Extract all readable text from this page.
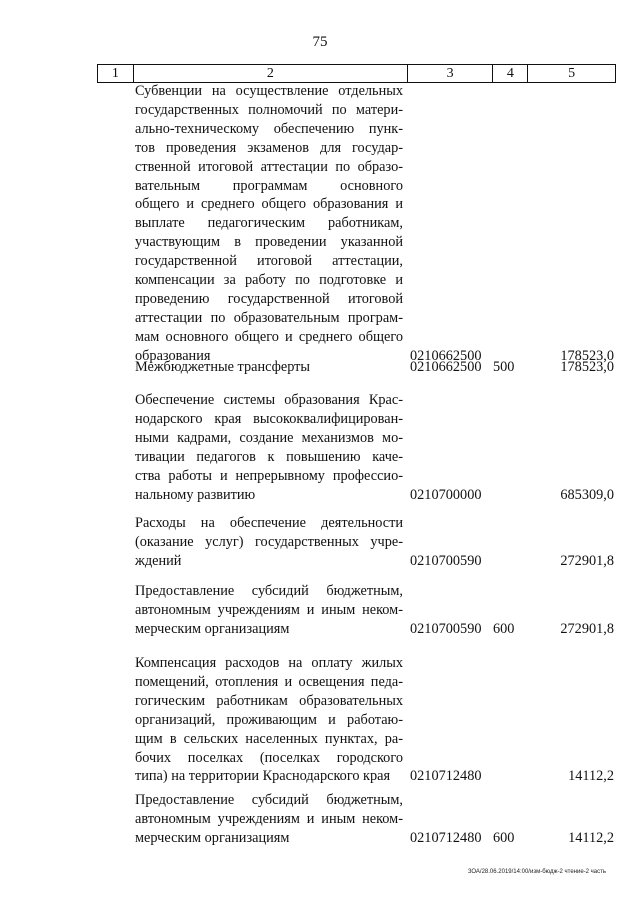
75
1	2	3	4	5
Субвенции на осуществление отдельных
государственных полномочий по матери-
ально-техническому обеспечению пунк-
тов проведения экзаменов для государ-
ственной итоговой аттестации по образо-
вательным программам основного
общего и среднего общего образования и
выплате педагогическим работникам,
участвующим в проведении указанной
государственной итоговой аттестации,
компенсации за работу по подготовке и
проведению государственной итоговой
аттестации по образовательным програм-
мам основного общего и среднего общего
образования	0210662500	178523,0
Межбюджетные трансферты	0210662500 500	178523,0
Обеспечение системы образования Крас-
нодарского края высококвалифицирован-
ными кадрами, создание механизмов мо-
тивации педагогов к повышению каче-
ства работы и непрерывному профессио-
нальному развитию	0210700000	685309,0
Расходы на обеспечение деятельности
(оказание услуг) государственных учре-
ждений	0210700590	272901,8
Предоставление субсидий бюджетным,
автономным учреждениям и иным неком-
мерческим организациям	0210700590 600	272901,8
Компенсация расходов на оплату жилых
помещений, отопления и освещения педа-
гогическим работникам образовательных
организаций, проживающим и работаю-
щим в сельских населенных пунктах, ра-
бочих поселках (поселках городского
типа) на территории Краснодарского края	0210712480	14112,2
Предоставление субсидий бюджетным,
автономным учреждениям и иным неком-
мерческим организациям	0210712480 600	14112,2
ЗОА/28.06.2019/14:00/изм-бюдж-2 чтение-2 часть
